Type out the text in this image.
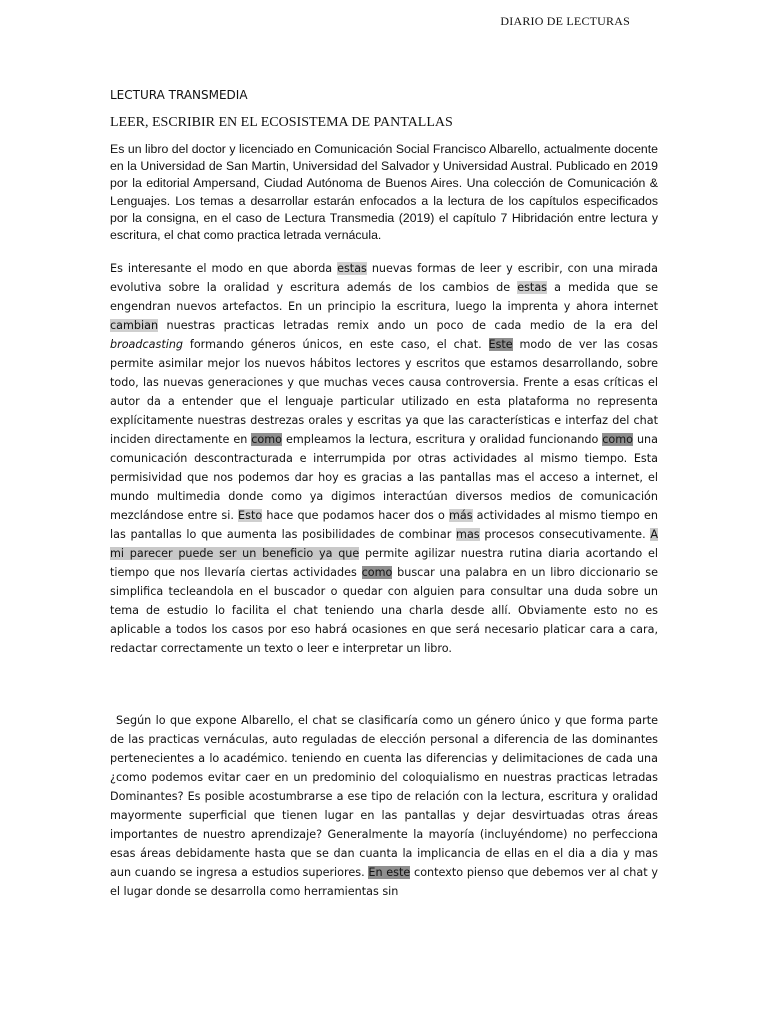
DIARIO DE LECTURAS
LECTURA TRANSMEDIA
LEER, ESCRIBIR EN EL ECOSISTEMA DE PANTALLAS

Es un libro del doctor y licenciado en Comunicación Social Francisco Albarello, actualmente docente en la Universidad de San Martin, Universidad del Salvador y Universidad Austral. Publicado en 2019 por la editorial Ampersand, Ciudad Autónoma de Buenos Aires. Una colección de Comunicación & Lenguajes. Los temas a desarrollar estarán enfocados a la lectura de los capítulos especificados por la consigna, en el caso de Lectura Transmedia (2019) el capítulo 7 Hibridación entre lectura y escritura, el chat como practica letrada vernácula.

Es interesante el modo en que aborda estas nuevas formas de leer y escribir, con una mirada evolutiva sobre la oralidad y escritura además de los cambios de estas a medida que se engendran nuevos artefactos. En un principio la escritura, luego la imprenta y ahora internet cambian nuestras practicas letradas remix ando un poco de cada medio de la era del broadcasting formando géneros únicos, en este caso, el chat. Este modo de ver las cosas permite asimilar mejor los nuevos hábitos lectores y escritos que estamos desarrollando, sobre todo, las nuevas generaciones y que muchas veces causa controversia. Frente a esas críticas el autor da a entender que el lenguaje particular utilizado en esta plataforma no representa explícitamente nuestras destrezas orales y escritas ya que las características e interfaz del chat inciden directamente en como empleamos la lectura, escritura y oralidad funcionando como una comunicación descontracturada e interrumpida por otras actividades al mismo tiempo. Esta permisividad que nos podemos dar hoy es gracias a las pantallas mas el acceso a internet, el mundo multimedia donde como ya digimos interactúan diversos medios de comunicación mezclándose entre si. Esto hace que podamos hacer dos o más actividades al mismo tiempo en las pantallas lo que aumenta las posibilidades de combinar mas procesos consecutivamente. A mi parecer puede ser un beneficio ya que permite agilizar nuestra rutina diaria acortando el tiempo que nos llevaría ciertas actividades como buscar una palabra en un libro diccionario se simplifica tecleandola en el buscador o quedar con alguien para consultar una duda sobre un tema de estudio lo facilita el chat teniendo una charla desde allí. Obviamente esto no es aplicable a todos los casos por eso habrá ocasiones en que será necesario platicar cara a cara, redactar correctamente un texto o leer e interpretar un libro.

Según lo que expone Albarello, el chat se clasificaría como un género único y que forma parte de las practicas vernáculas, auto reguladas de elección personal a diferencia de las dominantes pertenecientes a lo académico. teniendo en cuenta las diferencias y delimitaciones de cada una ¿como podemos evitar caer en un predominio del coloquialismo en nuestras practicas letradas Dominantes? Es posible acostumbrarse a ese tipo de relación con la lectura, escritura y oralidad mayormente superficial que tienen lugar en las pantallas y dejar desvirtuadas otras áreas importantes de nuestro aprendizaje? Generalmente la mayoría (incluyéndome) no perfecciona esas áreas debidamente hasta que se dan cuanta la implicancia de ellas en el dia a dia y mas aun cuando se ingresa a estudios superiores. En este contexto pienso que debemos ver al chat y el lugar donde se desarrolla como herramientas sin
